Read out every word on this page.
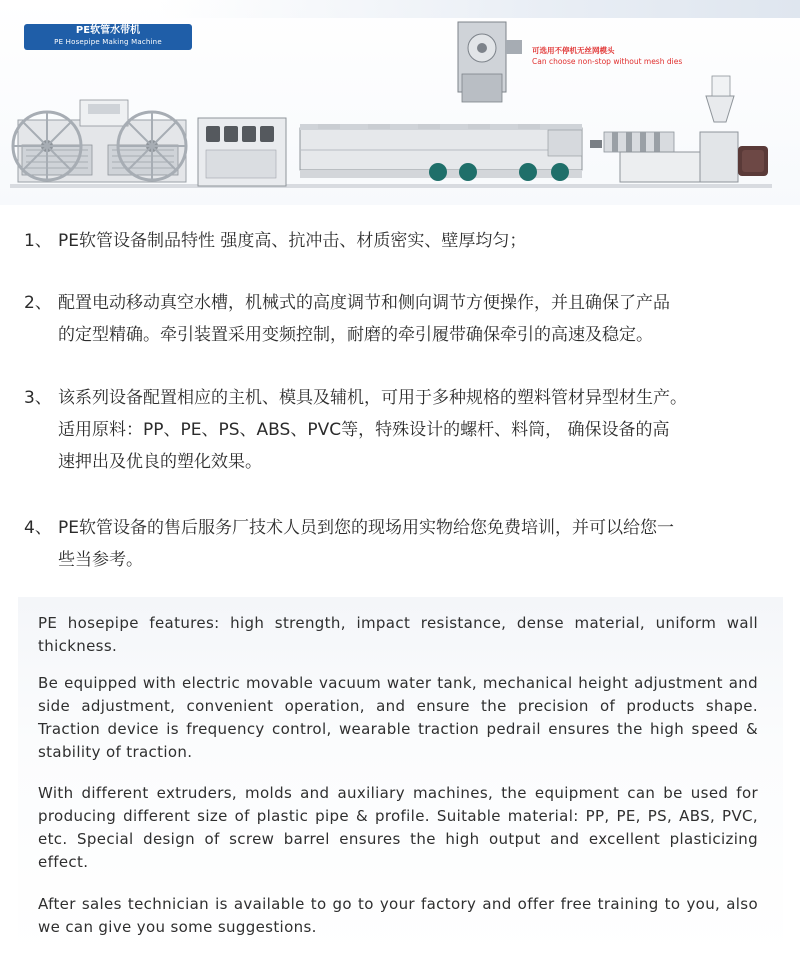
PE软管水带机
PE Hosepipe Making Machine
可选用不停机无丝网模头
Can choose non-stop without mesh dies
1、 PE软管设备制品特性 强度高、抗冲击、材质密实、壁厚均匀；
2、 配置电动移动真空水槽，机械式的高度调节和侧向调节方便操作，并且确保了产品
的定型精确。牵引装置采用变频控制，耐磨的牵引履带确保牵引的高速及稳定。
3、 该系列设备配置相应的主机、模具及辅机，可用于多种规格的塑料管材异型材生产。
适用原料：PP、PE、PS、ABS、PVC等，特殊设计的螺杆、料筒， 确保设备的高
速押出及优良的塑化效果。
4、 PE软管设备的售后服务厂技术人员到您的现场用实物给您免费培训，并可以给您一
些当参考。

PE hosepipe features: high strength, impact resistance, dense material, uniform wall thickness.

Be equipped with electric movable vacuum water tank, mechanical height adjustment and side adjustment, convenient operation, and ensure the precision of products shape. Traction device is frequency control, wearable traction pedrail ensures the high speed & stability of traction.

With different extruders, molds and auxiliary machines, the equipment can be used for producing different size of plastic pipe & profile. Suitable material: PP, PE, PS, ABS, PVC, etc. Special design of screw barrel ensures the high output and excellent plasticizing effect.

After sales technician is available to go to your factory and offer free training to you, also we can give you some suggestions.
